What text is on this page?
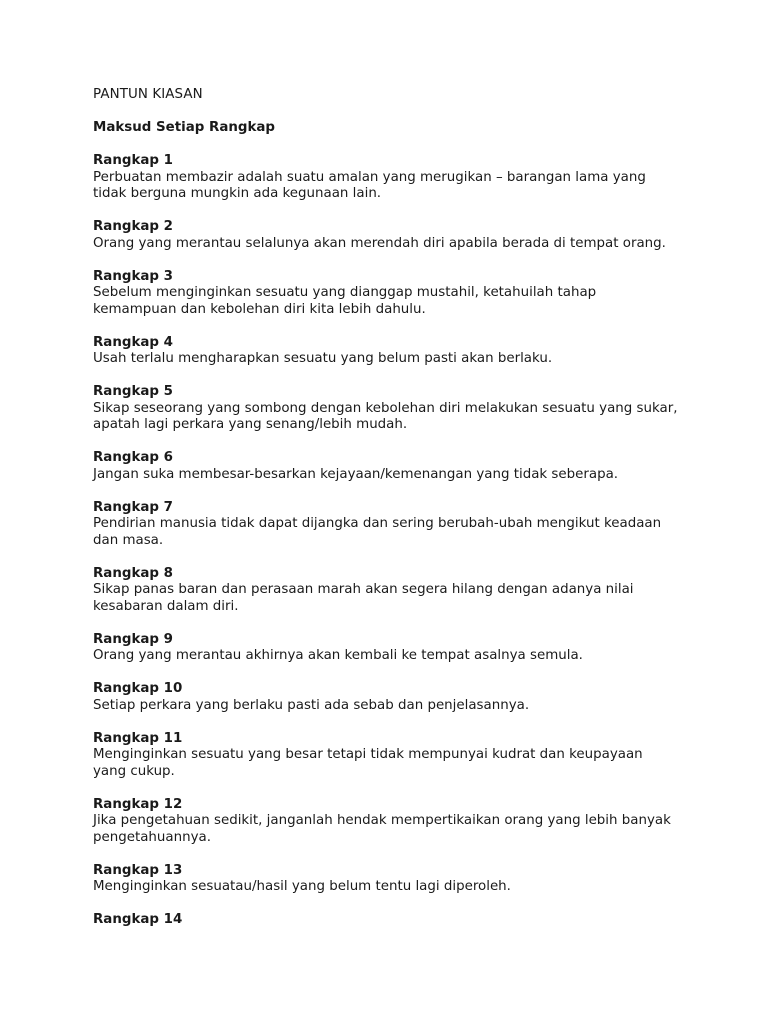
PANTUN KIASAN
Maksud Setiap Rangkap
Rangkap 1
Perbuatan membazir adalah suatu amalan yang merugikan – barangan lama yang tidak berguna mungkin ada kegunaan lain.
Rangkap 2
Orang yang merantau selalunya akan merendah diri apabila berada di tempat orang.
Rangkap 3
Sebelum menginginkan sesuatu yang dianggap mustahil, ketahuilah tahap kemampuan dan kebolehan diri kita lebih dahulu.
Rangkap 4
Usah terlalu mengharapkan sesuatu yang belum pasti akan berlaku.
Rangkap 5
Sikap seseorang yang sombong dengan kebolehan diri melakukan sesuatu yang sukar, apatah lagi perkara yang senang/lebih mudah.
Rangkap 6
Jangan suka membesar-besarkan kejayaan/kemenangan yang tidak seberapa.
Rangkap 7
Pendirian manusia tidak dapat dijangka dan sering berubah-ubah mengikut keadaan dan masa.
Rangkap 8
Sikap panas baran dan perasaan marah akan segera hilang dengan adanya nilai kesabaran dalam diri.
Rangkap 9
Orang yang merantau akhirnya akan kembali ke tempat asalnya semula.
Rangkap 10
Setiap perkara yang berlaku pasti ada sebab dan penjelasannya.
Rangkap 11
Menginginkan sesuatu yang besar tetapi tidak mempunyai kudrat dan keupayaan yang cukup.
Rangkap 12
Jika pengetahuan sedikit, janganlah hendak mempertikaikan orang yang lebih banyak pengetahuannya.
Rangkap 13
Menginginkan sesuatau/hasil yang belum tentu lagi diperoleh.
Rangkap 14
